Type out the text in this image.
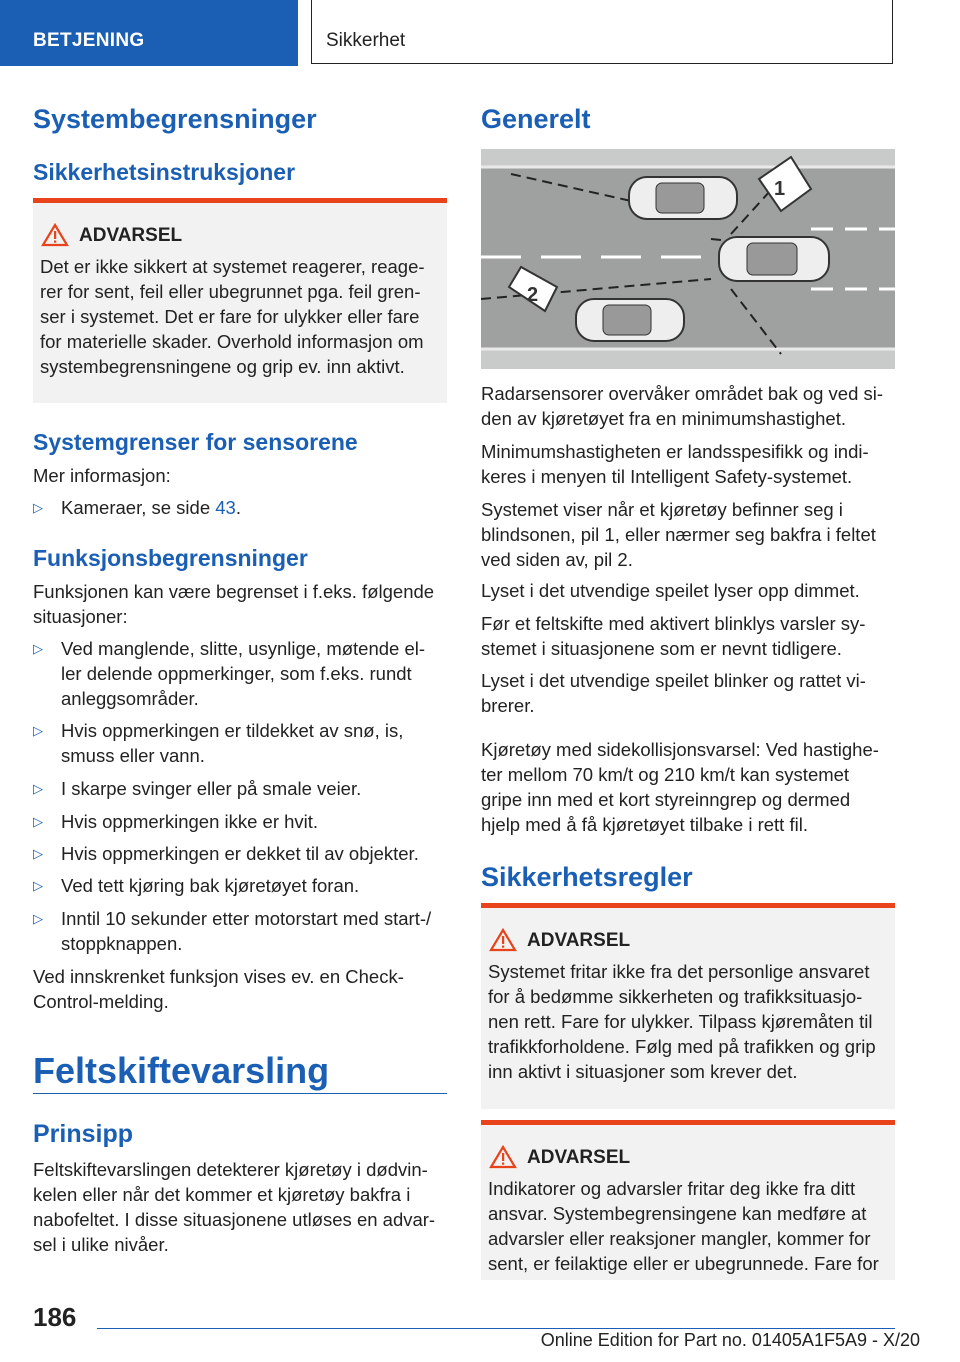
BETJENING	Sikkerhet
Systembegrensninger
Sikkerhetsinstruksjoner
ADVARSEL
Det er ikke sikkert at systemet reagerer, reage-
rer for sent, feil eller ubegrunnet pga. feil gren-
ser i systemet. Det er fare for ulykker eller fare
for materielle skader. Overhold informasjon om
systembegrensningene og grip ev. inn aktivt.
Systemgrenser for sensorene
Mer informasjon:
▷ Kameraer, se side 43.
Funksjonsbegrensninger
Funksjonen kan være begrenset i f.eks. følgende
situasjoner:
▷ Ved manglende, slitte, usynlige, møtende el-
ler delende oppmerkinger, som f.eks. rundt
anleggsområder.
▷ Hvis oppmerkingen er tildekket av snø, is,
smuss eller vann.
▷ I skarpe svinger eller på smale veier.
▷ Hvis oppmerkingen ikke er hvit.
▷ Hvis oppmerkingen er dekket til av objekter.
▷ Ved tett kjøring bak kjøretøyet foran.
▷ Inntil 10 sekunder etter motorstart med start-/
stoppknappen.
Ved innskrenket funksjon vises ev. en Check-
Control-melding.
Feltskiftevarsling
Prinsipp
Feltskiftevarslingen detekterer kjøretøy i dødvin-
kelen eller når det kommer et kjøretøy bakfra i
nabofeltet. I disse situasjonene utløses en advar-
sel i ulike nivåer.
Generelt
1
2
Radarsensorer overvåker området bak og ved si-
den av kjøretøyet fra en minimumshastighet.
Minimumshastigheten er landsspesifikk og indi-
keres i menyen til Intelligent Safety-systemet.
Systemet viser når et kjøretøy befinner seg i
blindsonen, pil 1, eller nærmer seg bakfra i feltet
ved siden av, pil 2.
Lyset i det utvendige speilet lyser opp dimmet.
Før et feltskifte med aktivert blinklys varsler sy-
stemet i situasjonene som er nevnt tidligere.
Lyset i det utvendige speilet blinker og rattet vi-
brerer.
Kjøretøy med sidekollisjonsvarsel: Ved hastighe-
ter mellom 70 km/t og 210 km/t kan systemet
gripe inn med et kort styreinngrep og dermed
hjelp med å få kjøretøyet tilbake i rett fil.
Sikkerhetsregler
ADVARSEL
Systemet fritar ikke fra det personlige ansvaret
for å bedømme sikkerheten og trafikksituasjo-
nen rett. Fare for ulykker. Tilpass kjøremåten til
trafikkforholdene. Følg med på trafikken og grip
inn aktivt i situasjoner som krever det.
ADVARSEL
Indikatorer og advarsler fritar deg ikke fra ditt
ansvar. Systembegrensingene kan medføre at
advarsler eller reaksjoner mangler, kommer for
sent, er feilaktige eller er ubegrunnede. Fare for
186
Online Edition for Part no. 01405A1F5A9 - X/20
